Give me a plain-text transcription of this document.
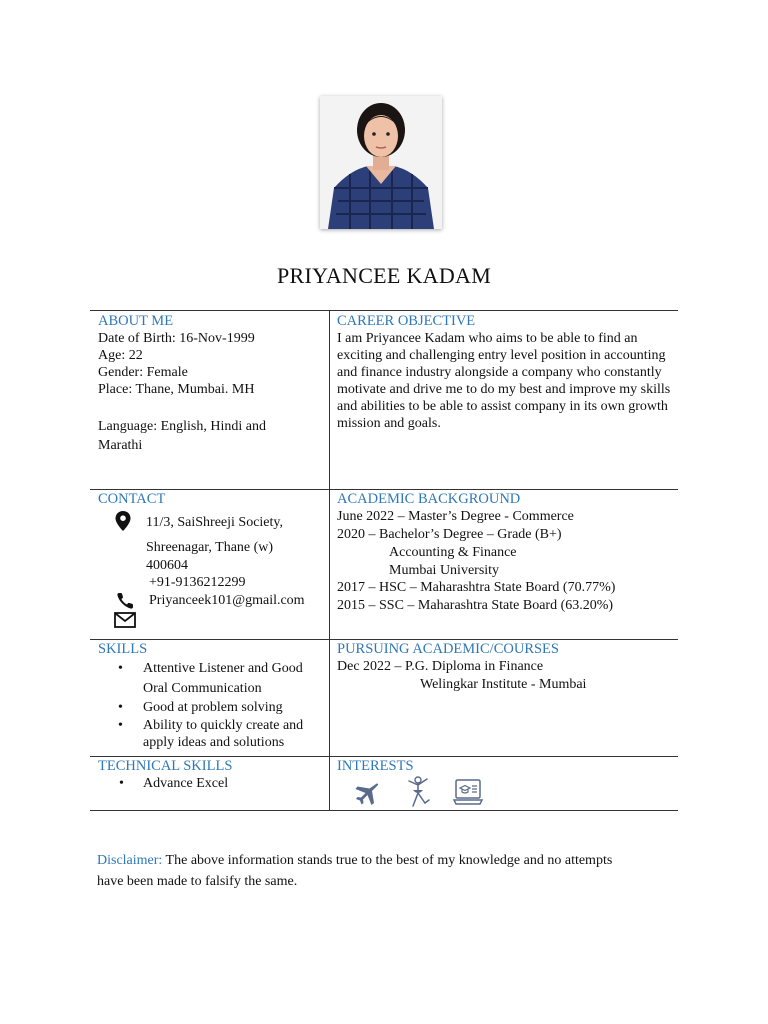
PRIYANCEE KADAM
ABOUT ME
Date of Birth: 16-Nov-1999
Age: 22
Gender: Female
Place: Thane, Mumbai. MH
Language: English, Hindi and
Marathi
CAREER OBJECTIVE
I am Priyancee Kadam who aims to be able to find an
exciting and challenging entry level position in accounting
and finance industry alongside a company who constantly
motivate and drive me to do my best and improve my skills
and abilities to be able to assist company in its own growth
mission and goals.
CONTACT
11/3, SaiShreeji Society,
Shreenagar, Thane (w)
400604
+91-9136212299
Priyanceek101@gmail.com
ACADEMIC BACKGROUND
June 2022 – Master’s Degree - Commerce
2020 – Bachelor’s Degree – Grade (B+)
Accounting & Finance
Mumbai University
2017 – HSC – Maharashtra State Board (70.77%)
2015 – SSC – Maharashtra State Board (63.20%)
SKILLS
• Attentive Listener and Good
Oral Communication
• Good at problem solving
• Ability to quickly create and
apply ideas and solutions
PURSUING ACADEMIC/COURSES
Dec 2022 – P.G. Diploma in Finance
Welingkar Institute - Mumbai
TECHNICAL SKILLS
• Advance Excel
INTERESTS
Disclaimer: The above information stands true to the best of my knowledge and no attempts
have been made to falsify the same.
